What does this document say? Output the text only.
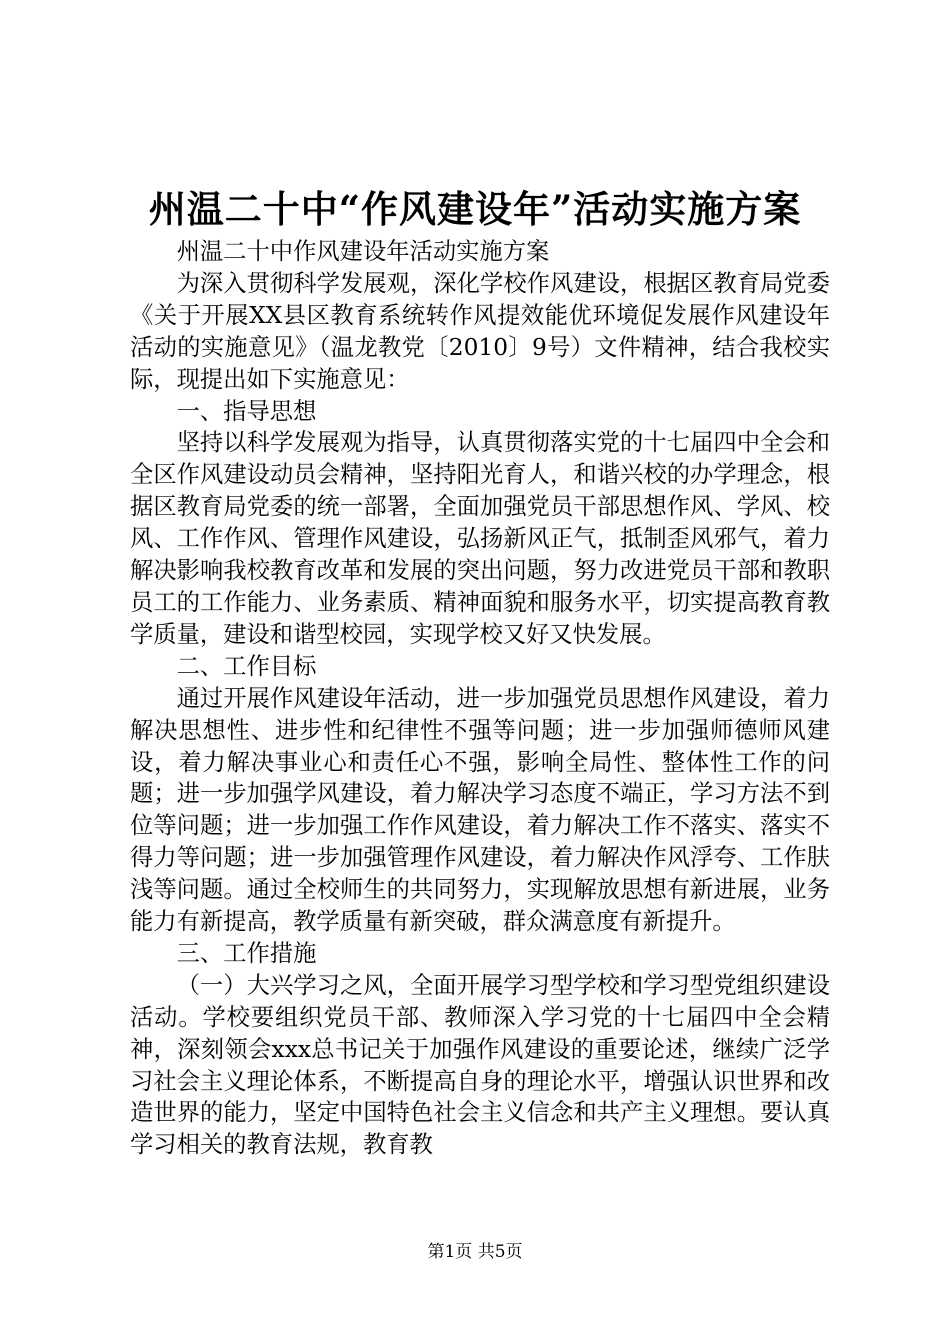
州温二十中“作风建设年”活动实施方案

州温二十中作风建设年活动实施方案

为深入贯彻科学发展观，深化学校作风建设，根据区教育局党委《关于开展XX县区教育系统转作风提效能优环境促发展作风建设年活动的实施意见》（温龙教党〔2010〕9号）文件精神，结合我校实际，现提出如下实施意见：

一、指导思想

坚持以科学发展观为指导，认真贯彻落实党的十七届四中全会和全区作风建设动员会精神，坚持阳光育人，和谐兴校的办学理念，根据区教育局党委的统一部署，全面加强党员干部思想作风、学风、校风、工作作风、管理作风建设，弘扬新风正气，抵制歪风邪气，着力解决影响我校教育改革和发展的突出问题，努力改进党员干部和教职员工的工作能力、业务素质、精神面貌和服务水平，切实提高教育教学质量，建设和谐型校园，实现学校又好又快发展。

二、工作目标

通过开展作风建设年活动，进一步加强党员思想作风建设，着力解决思想性、进步性和纪律性不强等问题；进一步加强师德师风建设，着力解决事业心和责任心不强，影响全局性、整体性工作的问题；进一步加强学风建设，着力解决学习态度不端正，学习方法不到位等问题；进一步加强工作作风建设，着力解决工作不落实、落实不得力等问题；进一步加强管理作风建设，着力解决作风浮夸、工作肤浅等问题。通过全校师生的共同努力，实现解放思想有新进展，业务能力有新提高，教学质量有新突破，群众满意度有新提升。

三、工作措施

（一）大兴学习之风，全面开展学习型学校和学习型党组织建设活动。学校要组织党员干部、教师深入学习党的十七届四中全会精神，深刻领会xxx总书记关于加强作风建设的重要论述，继续广泛学习社会主义理论体系，不断提高自身的理论水平，增强认识世界和改造世界的能力，坚定中国特色社会主义信念和共产主义理想。要认真学习相关的教育法规，教育教

第1页 共5页
